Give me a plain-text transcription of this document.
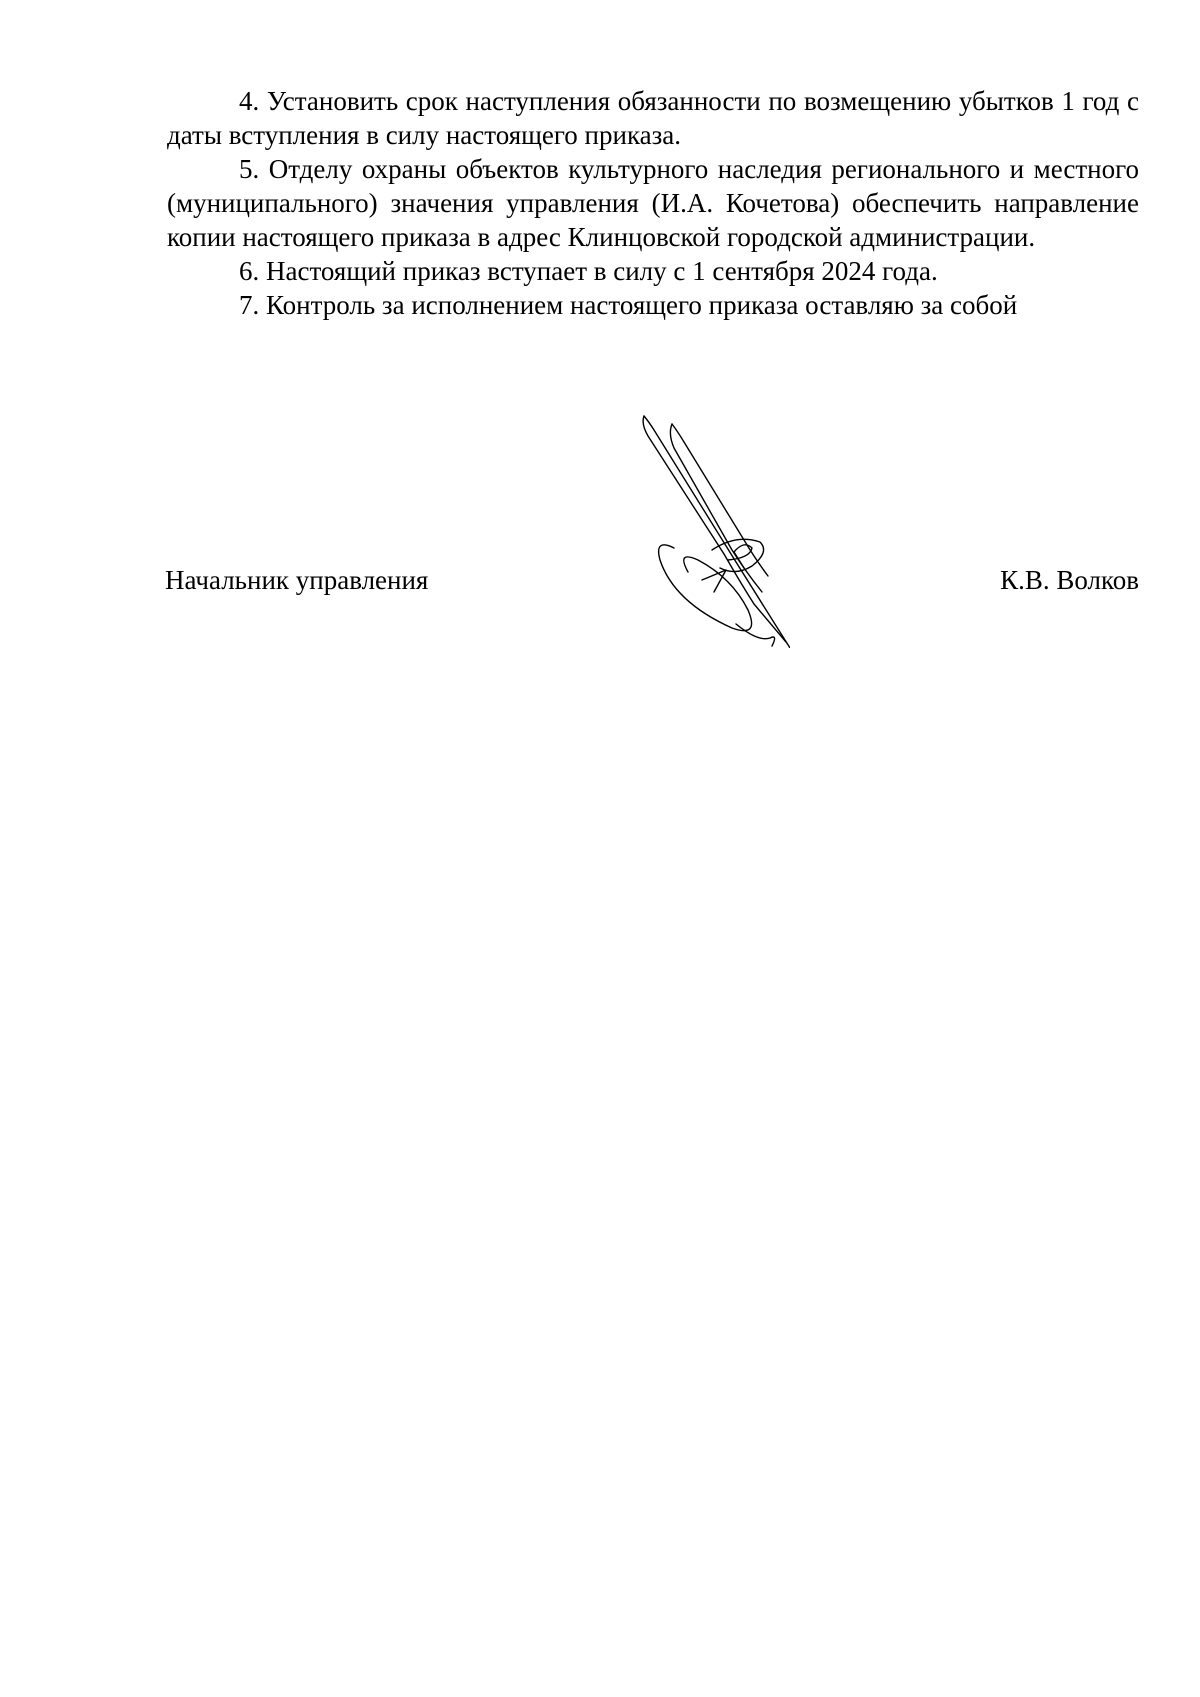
4. Установить срок наступления обязанности по возмещению убытков 1 год с даты вступления в силу настоящего приказа.

5. Отделу охраны объектов культурного наследия регионального и местного (муниципального) значения управления (И.А. Кочетова) обеспечить направление копии настоящего приказа в адрес Клинцовской городской администрации.

6. Настоящий приказ вступает в силу с 1 сентября 2024 года.

7. Контроль за исполнением настоящего приказа оставляю за собой

Начальник управления	К.В. Волков
